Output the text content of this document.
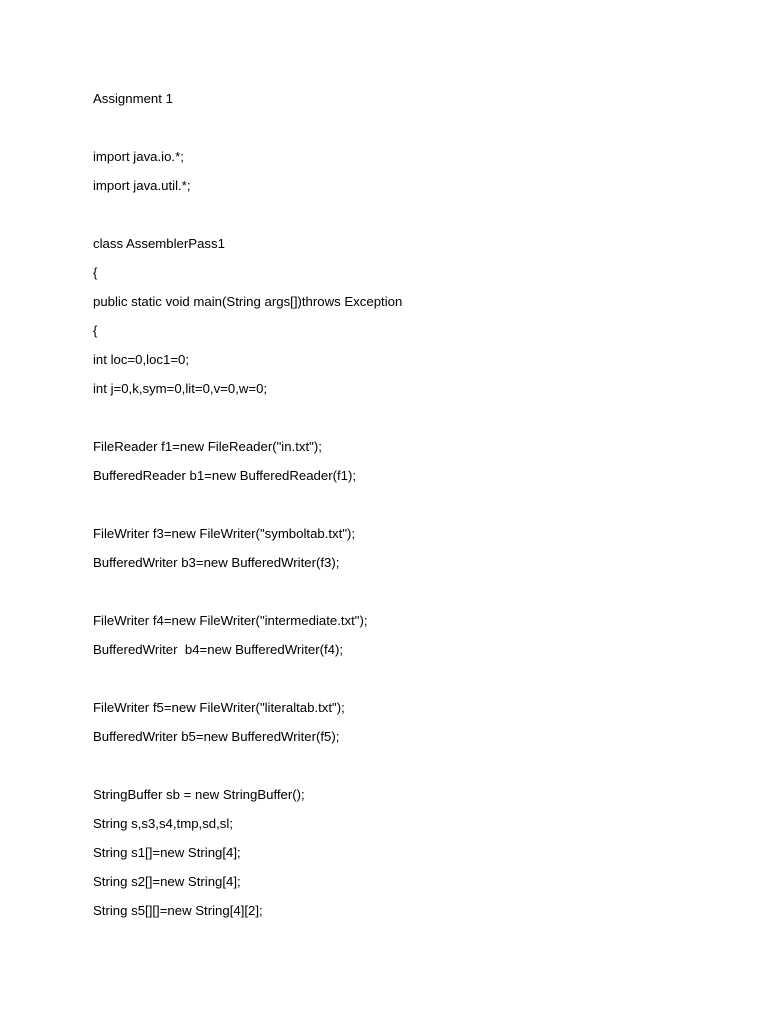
Assignment 1
import java.io.*;
import java.util.*;
class AssemblerPass1
{
public static void main(String args[])throws Exception
{
int loc=0,loc1=0;
int j=0,k,sym=0,lit=0,v=0,w=0;
FileReader f1=new FileReader("in.txt");
BufferedReader b1=new BufferedReader(f1);
FileWriter f3=new FileWriter("symboltab.txt");
BufferedWriter b3=new BufferedWriter(f3);
FileWriter f4=new FileWriter("intermediate.txt");
BufferedWriter  b4=new BufferedWriter(f4);
FileWriter f5=new FileWriter("literaltab.txt");
BufferedWriter b5=new BufferedWriter(f5);
StringBuffer sb = new StringBuffer();
String s,s3,s4,tmp,sd,sl;
String s1[]=new String[4];
String s2[]=new String[4];
String s5[][]=new String[4][2];
